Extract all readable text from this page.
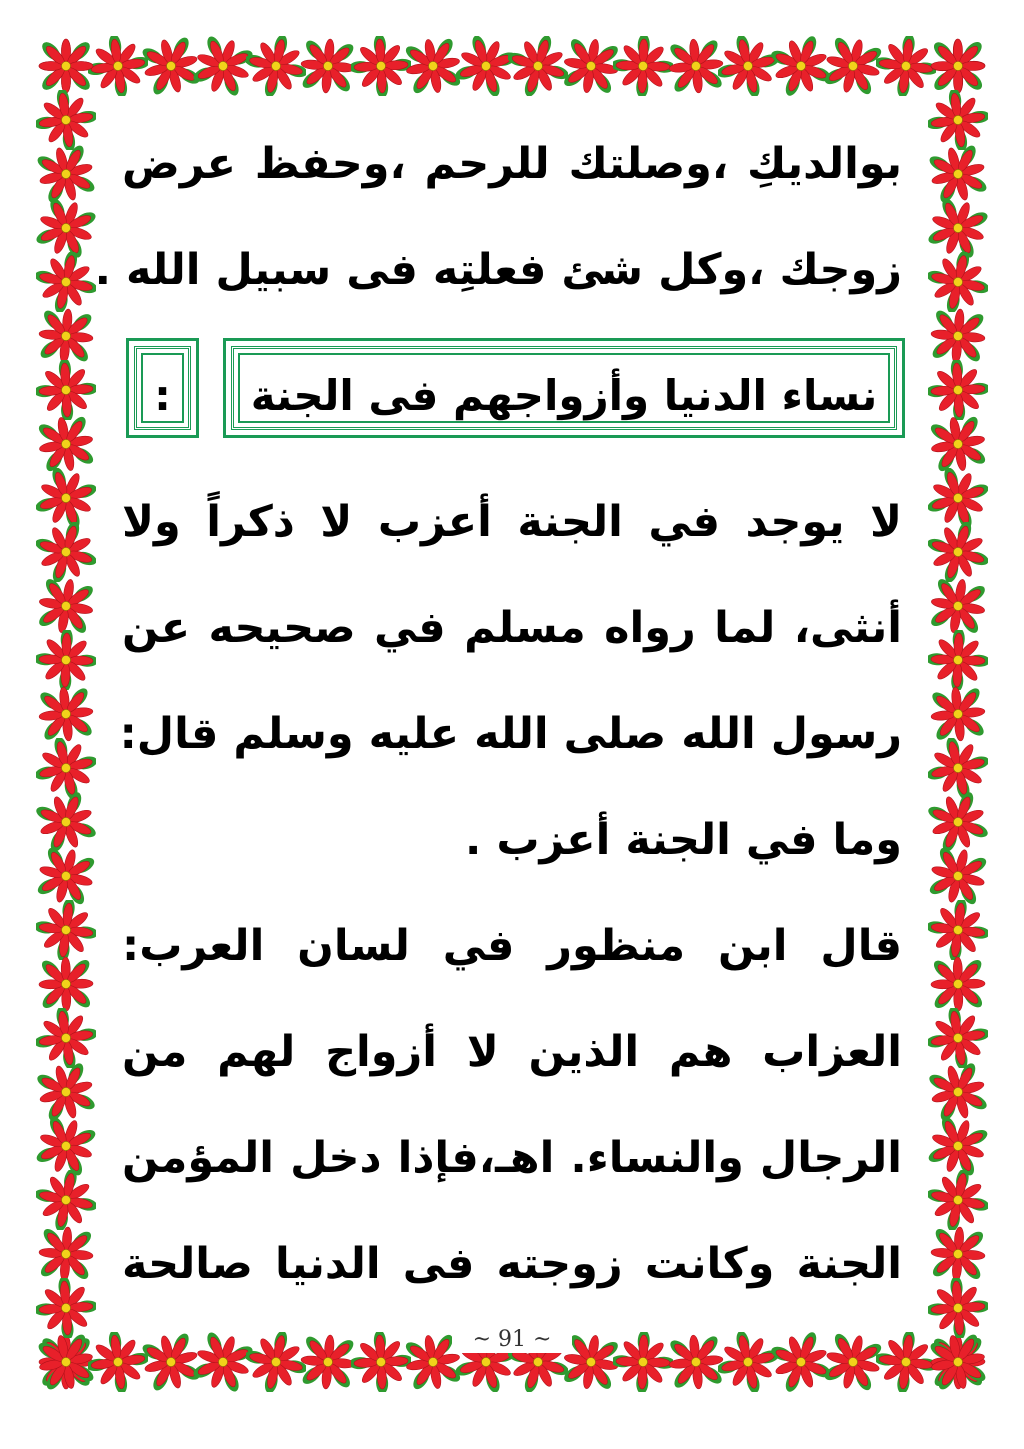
بوالديكِ ،وصلتك للرحم ،وحفظ عرض
زوجك ،وكل شئ فعلتِه فى سبيل الله .
نساء الدنيا وأزواجهم فى الجنة
:
لا يوجد في الجنة أعزب لا ذكراً ولا
أنثى، لما رواه مسلم في صحيحه عن
رسول الله صلى الله عليه وسلم قال:
وما في الجنة أعزب .
قال ابن منظور في لسان العرب:
العزاب هم الذين لا أزواج لهم من
الرجال والنساء. اهـ،فإذا دخل المؤمن
الجنة وكانت زوجته فى الدنيا صالحة
~ 91 ~
